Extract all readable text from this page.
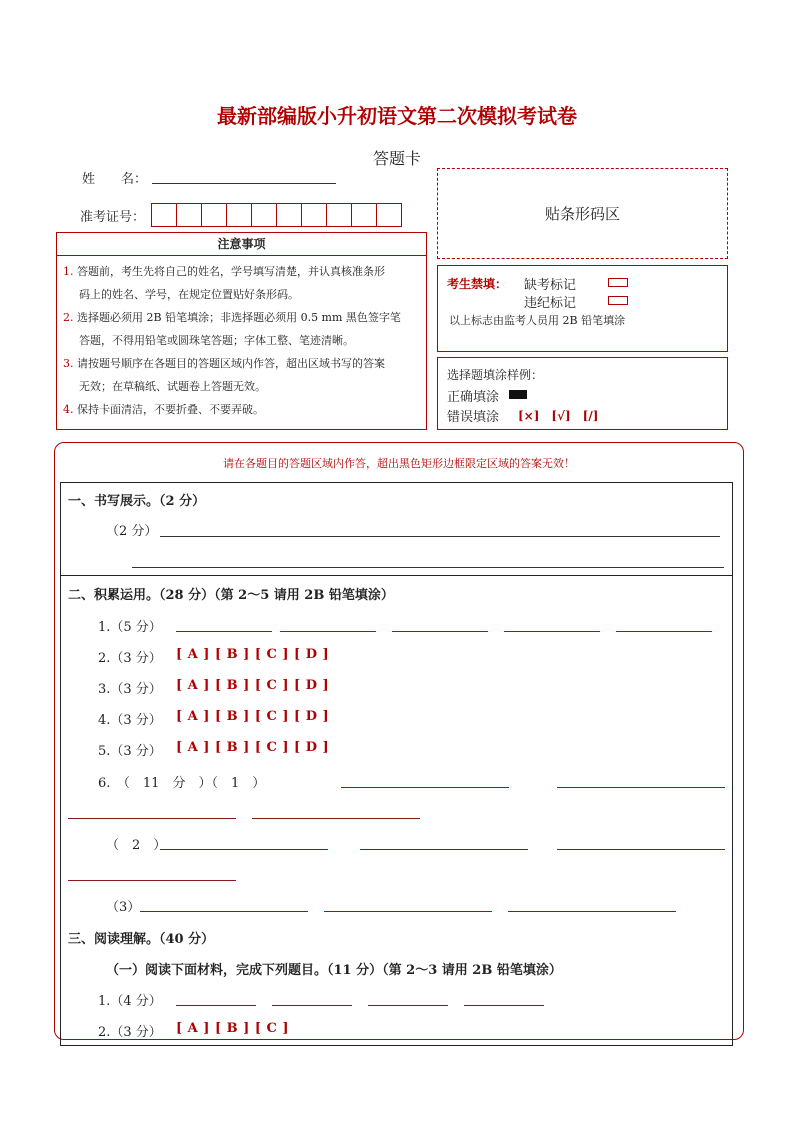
最新部编版小升初语文第二次模拟考试卷
答题卡
姓　　名：
准考证号：	贴条形码区
注意事项
1. 答题前，考生先将自己的姓名，学号填写清楚，并认真核准条形
码上的姓名、学号，在规定位置贴好条形码。
2. 选择题必须用 2B 铅笔填涂；非选择题必须用 0.5 mm 黑色签字笔
答题，不得用铅笔或圆珠笔答题；字体工整、笔迹清晰。
3. 请按题号顺序在各题目的答题区域内作答，超出区域书写的答案
无效；在草稿纸、试题卷上答题无效。
4. 保持卡面清洁，不要折叠、不要弄破。
考生禁填： 缺考标记
违纪标记
以上标志由监考人员用 2B 铅笔填涂
选择题填涂样例：
正确填涂
错误填涂 [×]　[√]　[/]
请在各题目的答题区域内作答，超出黑色矩形边框限定区域的答案无效！
一、书写展示。（2 分）
（2 分）
二、积累运用。（28 分）（第 2～5 请用 2B 铅笔填涂）
1.（5 分）
2.（3 分） [ A ] [ B ] [ C ] [ D ]
3.（3 分） [ A ] [ B ] [ C ] [ D ]
4.（3 分） [ A ] [ B ] [ C ] [ D ]
5.（3 分） [ A ] [ B ] [ C ] [ D ]
6.　（　11　分　）（　1　）
（　2　）
（3）
三、阅读理解。（40 分）
（一）阅读下面材料，完成下列题目。（11 分）（第 2～3 请用 2B 铅笔填涂）
1.（4 分）
2.（3 分） [ A ] [ B ] [ C ]
